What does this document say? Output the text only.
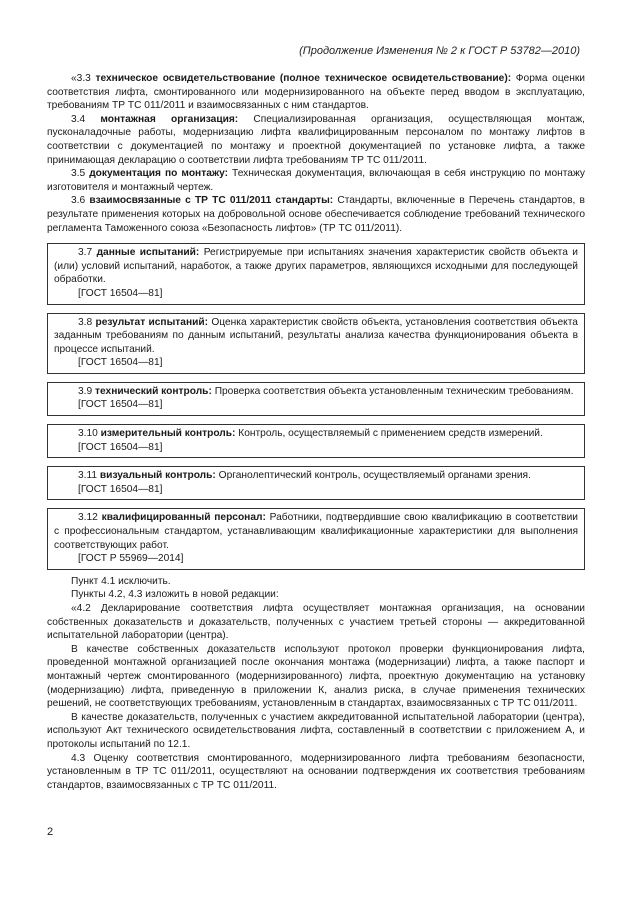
(Продолжение Изменения № 2 к ГОСТ Р 53782—2010)

«3.3 техническое освидетельствование (полное техническое освидетельствование): Форма оценки соответствия лифта, смонтированного или модернизированного на объекте перед вводом в эксплуатацию, требованиям ТР ТС 011/2011 и взаимосвязанных с ним стандартов.

3.4 монтажная организация: Специализированная организация, осуществляющая монтаж, пусконаладочные работы, модернизацию лифта квалифицированным персоналом по монтажу лифтов в соответствии с документацией по монтажу и проектной документацией по установке лифта, а также принимающая декларацию о соответствии лифта требованиям ТР ТС 011/2011.

3.5 документация по монтажу: Техническая документация, включающая в себя инструкцию по монтажу изготовителя и монтажный чертеж.

3.6 взаимосвязанные с ТР ТС 011/2011 стандарты: Стандарты, включенные в Перечень стандартов, в результате применения которых на добровольной основе обеспечивается соблюдение требований технического регламента Таможенного союза «Безопасность лифтов» (ТР ТС 011/2011).

3.7 данные испытаний: Регистрируемые при испытаниях значения характеристик свойств объекта и (или) условий испытаний, наработок, а также других параметров, являющихся исходными для последующей обработки.

[ГОСТ 16504—81]

3.8 результат испытаний: Оценка характеристик свойств объекта, установления соответствия объекта заданным требованиям по данным испытаний, результаты анализа качества функционирования объекта в процессе испытаний.

[ГОСТ 16504—81]

3.9 технический контроль: Проверка соответствия объекта установленным техническим требованиям.

[ГОСТ 16504—81]

3.10 измерительный контроль: Контроль, осуществляемый с применением средств измерений.

[ГОСТ 16504—81]

3.11 визуальный контроль: Органолептический контроль, осуществляемый органами зрения.

[ГОСТ 16504—81]

3.12 квалифицированный персонал: Работники, подтвердившие свою квалификацию в соответствии с профессиональным стандартом, устанавливающим квалификационные характеристики для выполнения соответствующих работ.

[ГОСТ Р 55969—2014]

Пункт 4.1 исключить.

Пункты 4.2, 4.3 изложить в новой редакции:

«4.2 Декларирование соответствия лифта осуществляет монтажная организация, на основании собственных доказательств и доказательств, полученных с участием третьей стороны — аккредитованной испытательной лаборатории (центра).

В качестве собственных доказательств используют протокол проверки функционирования лифта, проведенной монтажной организацией после окончания монтажа (модернизации) лифта, а также паспорт и монтажный чертеж смонтированного (модернизированного) лифта, проектную документацию на установку (модернизацию) лифта, приведенную в приложении К, анализ риска, в случае применения технических решений, не соответствующих требованиям, установленным в стандартах, взаимосвязанных с ТР ТС 011/2011.

В качестве доказательств, полученных с участием аккредитованной испытательной лаборатории (центра), используют Акт технического освидетельствования лифта, составленный в соответствии с приложением А, и протоколы испытаний по 12.1.

4.3 Оценку соответствия смонтированного, модернизированного лифта требованиям безопасности, установленным в ТР ТС 011/2011, осуществляют на основании подтверждения их соответствия требованиям стандартов, взаимосвязанных с ТР ТС 011/2011.

2
